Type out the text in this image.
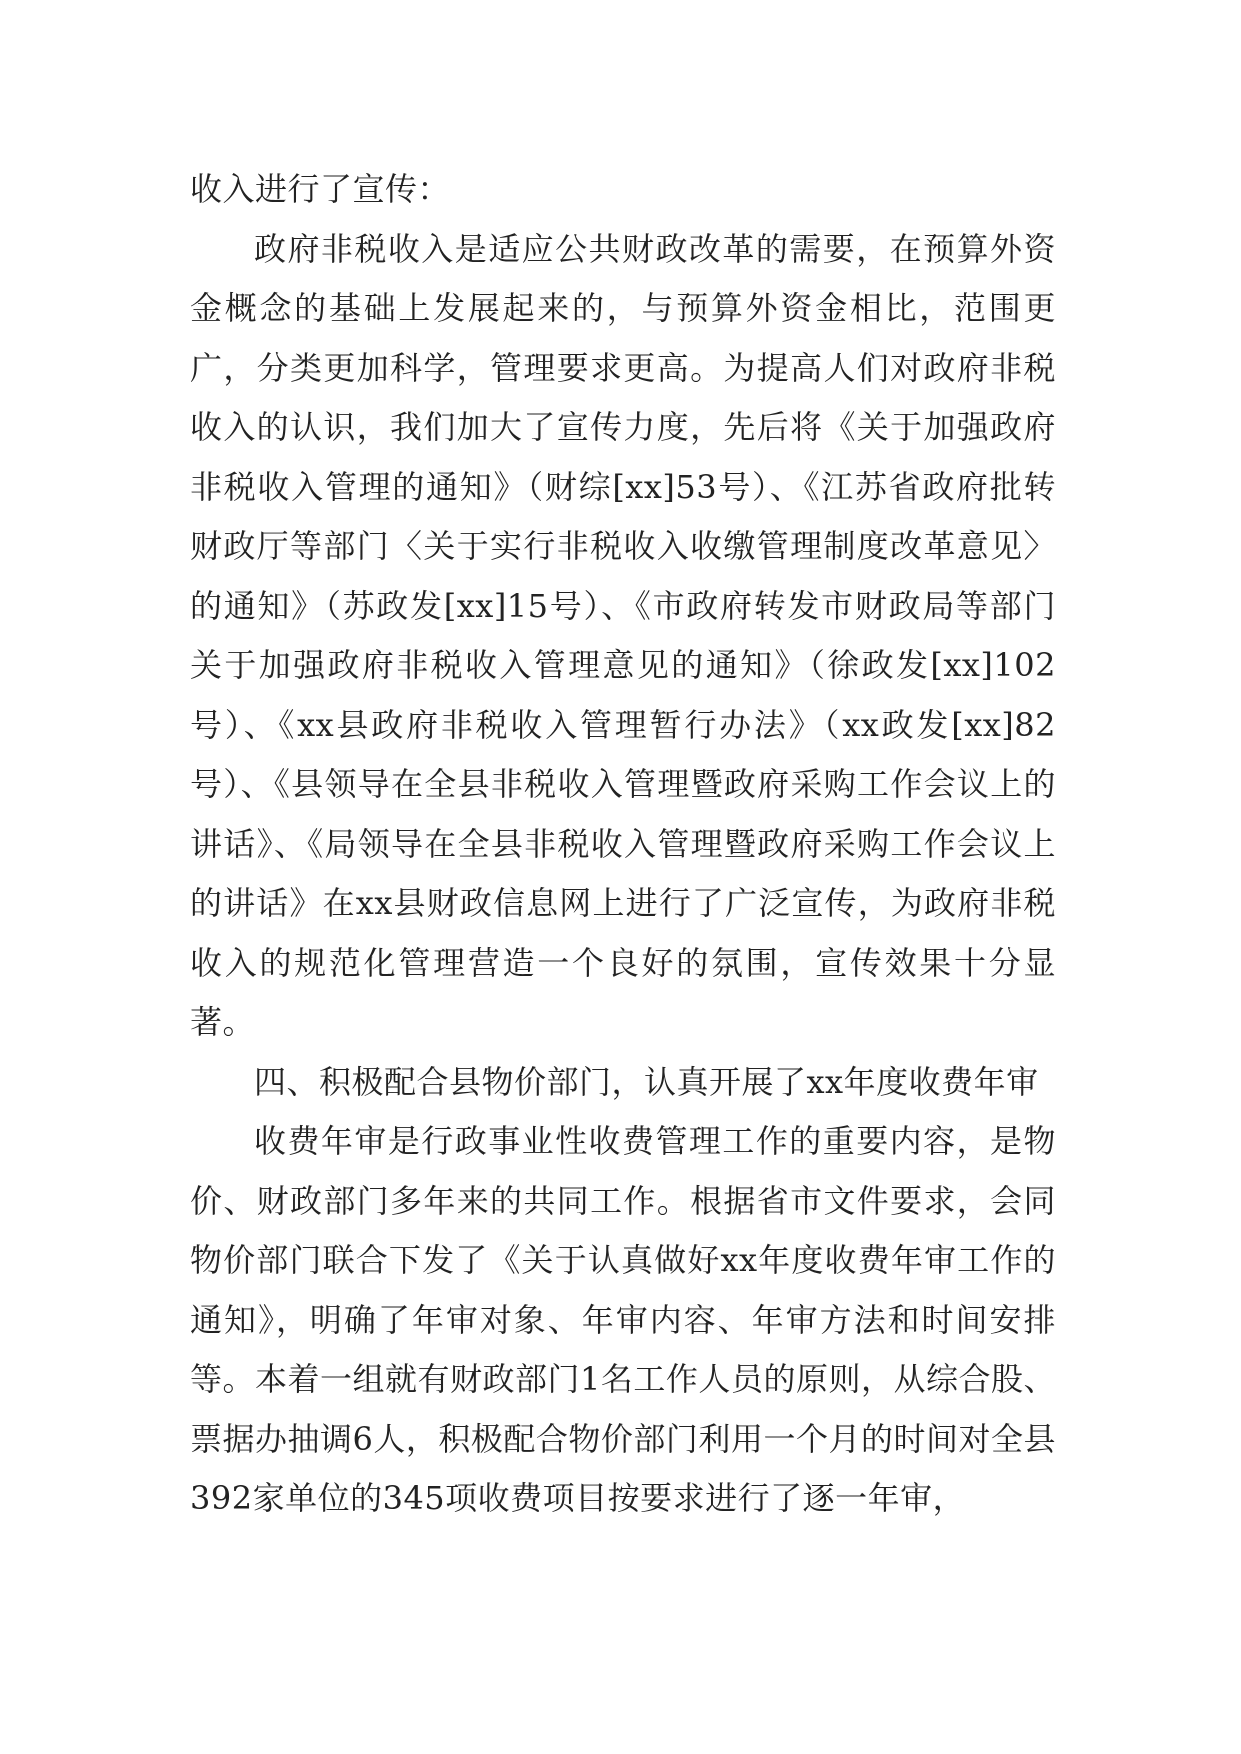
收入进行了宣传：

政府非税收入是适应公共财政改革的需要，在预算外资金概念的基础上发展起来的，与预算外资金相比，范围更广，分类更加科学，管理要求更高。为提高人们对政府非税收入的认识，我们加大了宣传力度，先后将《关于加强政府非税收入管理的通知》（财综[xx]53号）、《江苏省政府批转财政厅等部门〈关于实行非税收入收缴管理制度改革意见〉的通知》（苏政发[xx]15号）、《市政府转发市财政局等部门关于加强政府非税收入管理意见的通知》（徐政发[xx]102号）、《xx县政府非税收入管理暂行办法》（xx政发[xx]82号）、《县领导在全县非税收入管理暨政府采购工作会议上的讲话》、《局领导在全县非税收入管理暨政府采购工作会议上的讲话》在xx县财政信息网上进行了广泛宣传，为政府非税收入的规范化管理营造一个良好的氛围，宣传效果十分显著。

四、积极配合县物价部门，认真开展了xx年度收费年审

收费年审是行政事业性收费管理工作的重要内容，是物价、财政部门多年来的共同工作。根据省市文件要求，会同物价部门联合下发了《关于认真做好xx年度收费年审工作的通知》，明确了年审对象、年审内容、年审方法和时间安排等。本着一组就有财政部门1名工作人员的原则，从综合股、票据办抽调6人，积极配合物价部门利用一个月的时间对全县392家单位的345项收费项目按要求进行了逐一年审，
